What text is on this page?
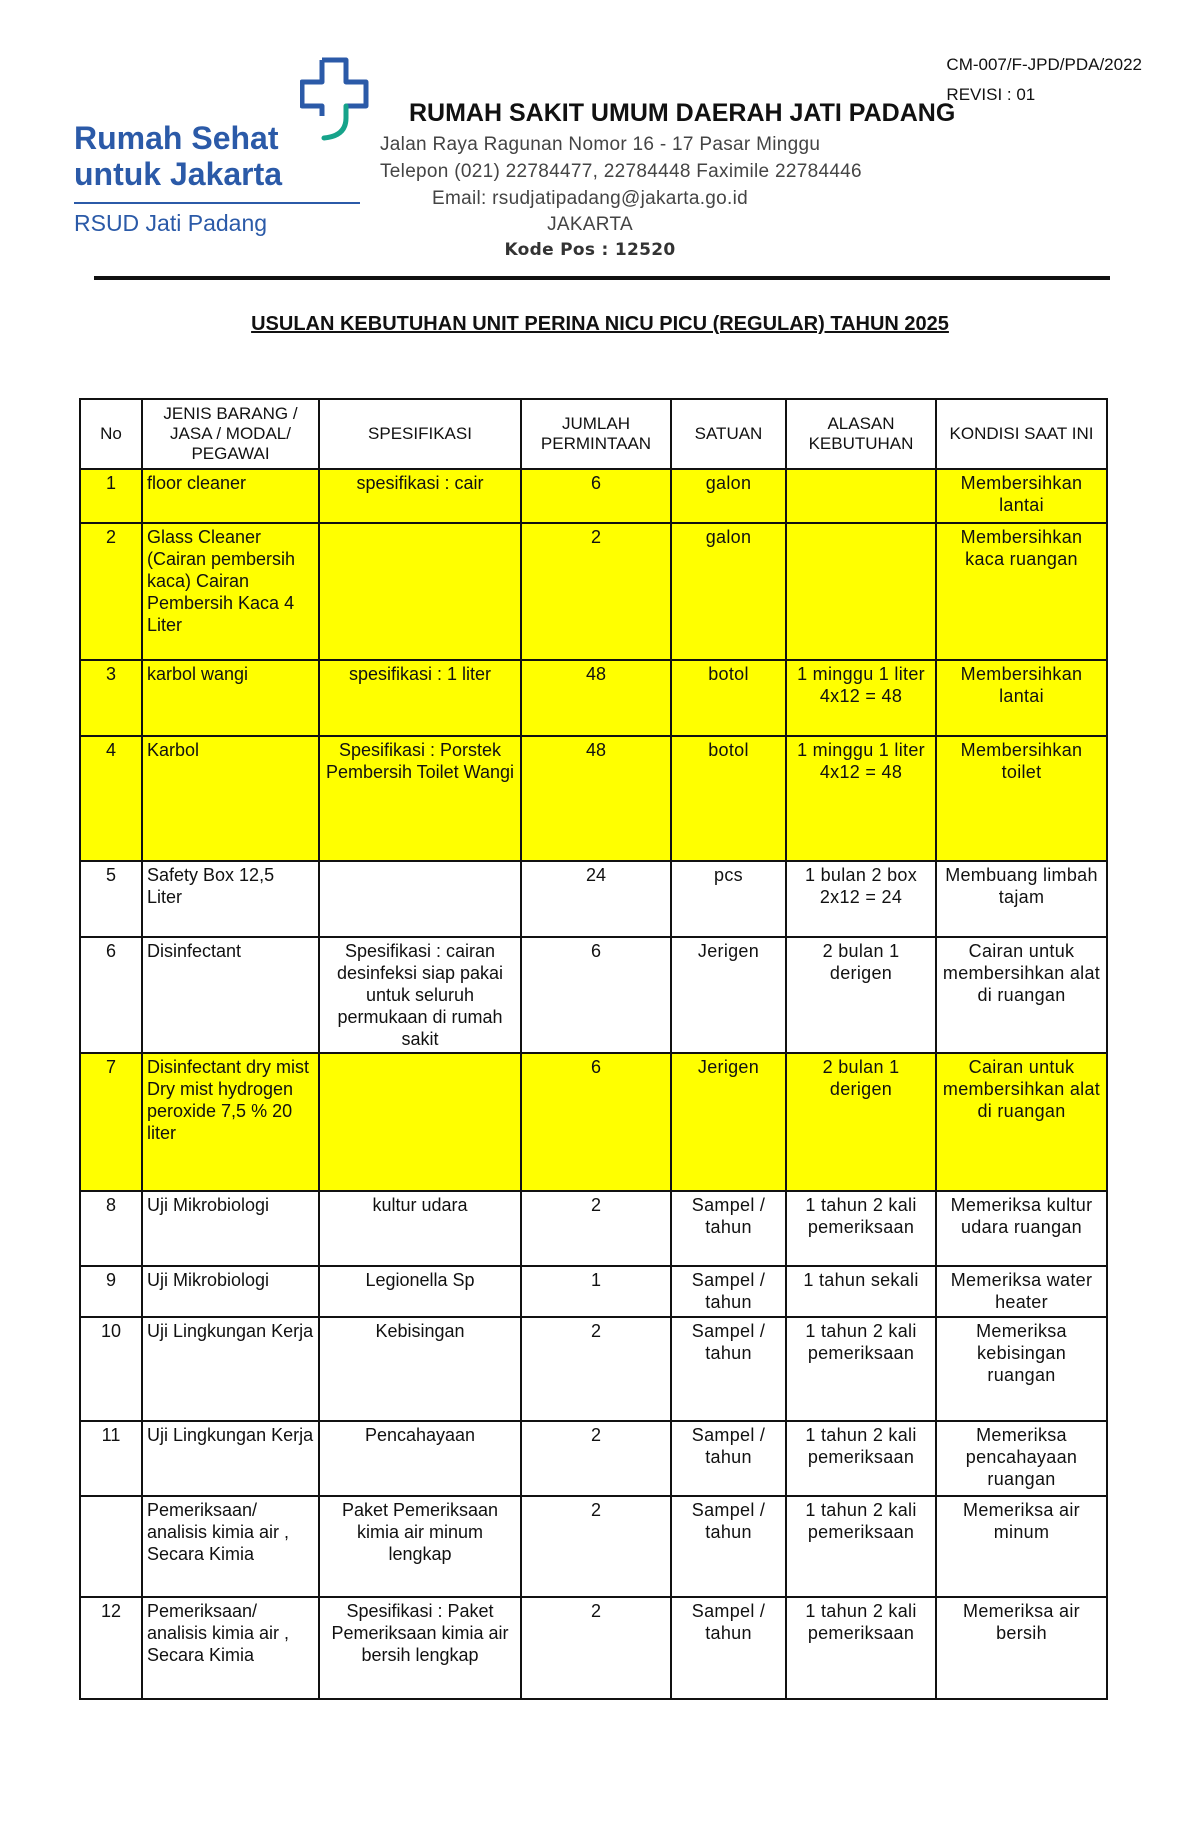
CM-007/F-JPD/PDA/2022
REVISI : 01
Rumah Sehat
untuk Jakarta
RSUD Jati Padang
RUMAH SAKIT UMUM DAERAH JATI PADANG
Jalan Raya Ragunan Nomor 16 - 17 Pasar Minggu
Telepon (021) 22784477, 22784448 Faximile 22784446
Email: rsudjatipadang@jakarta.go.id
JAKARTA
Kode Pos : 12520
USULAN KEBUTUHAN UNIT PERINA NICU PICU (REGULAR) TAHUN 2025
No	JENIS BARANG / JASA / MODAL/ PEGAWAI	SPESIFIKASI	JUMLAH PERMINTAAN	SATUAN	ALASAN KEBUTUHAN	KONDISI SAAT INI
1	floor cleaner	spesifikasi : cair	6	galon		Membersihkan lantai
2	Glass Cleaner (Cairan pembersih kaca) Cairan Pembersih Kaca 4 Liter		2	galon		Membersihkan kaca ruangan
3	karbol wangi	spesifikasi : 1 liter	48	botol	1 minggu 1 liter 4x12 = 48	Membersihkan lantai
4	Karbol	Spesifikasi : Porstek Pembersih Toilet Wangi	48	botol	1 minggu 1 liter 4x12 = 48	Membersihkan toilet
5	Safety Box 12,5 Liter		24	pcs	1 bulan 2 box 2x12 = 24	Membuang limbah tajam
6	Disinfectant	Spesifikasi : cairan desinfeksi siap pakai untuk seluruh permukaan di rumah sakit	6	Jerigen	2 bulan 1 derigen	Cairan untuk membersihkan alat di ruangan
7	Disinfectant dry mist Dry mist hydrogen peroxide 7,5 % 20 liter		6	Jerigen	2 bulan 1 derigen	Cairan untuk membersihkan alat di ruangan
8	Uji Mikrobiologi	kultur udara	2	Sampel / tahun	1 tahun 2 kali pemeriksaan	Memeriksa kultur udara ruangan
9	Uji Mikrobiologi	Legionella Sp	1	Sampel / tahun	1 tahun sekali	Memeriksa water heater
10	Uji Lingkungan Kerja	Kebisingan	2	Sampel / tahun	1 tahun 2 kali pemeriksaan	Memeriksa kebisingan ruangan
11	Uji Lingkungan Kerja	Pencahayaan	2	Sampel / tahun	1 tahun 2 kali pemeriksaan	Memeriksa pencahayaan ruangan
	Pemeriksaan/ analisis kimia air , Secara Kimia	Paket Pemeriksaan kimia air minum lengkap	2	Sampel / tahun	1 tahun 2 kali pemeriksaan	Memeriksa air minum
12	Pemeriksaan/ analisis kimia air , Secara Kimia	Spesifikasi : Paket Pemeriksaan kimia air bersih lengkap	2	Sampel / tahun	1 tahun 2 kali pemeriksaan	Memeriksa air bersih
